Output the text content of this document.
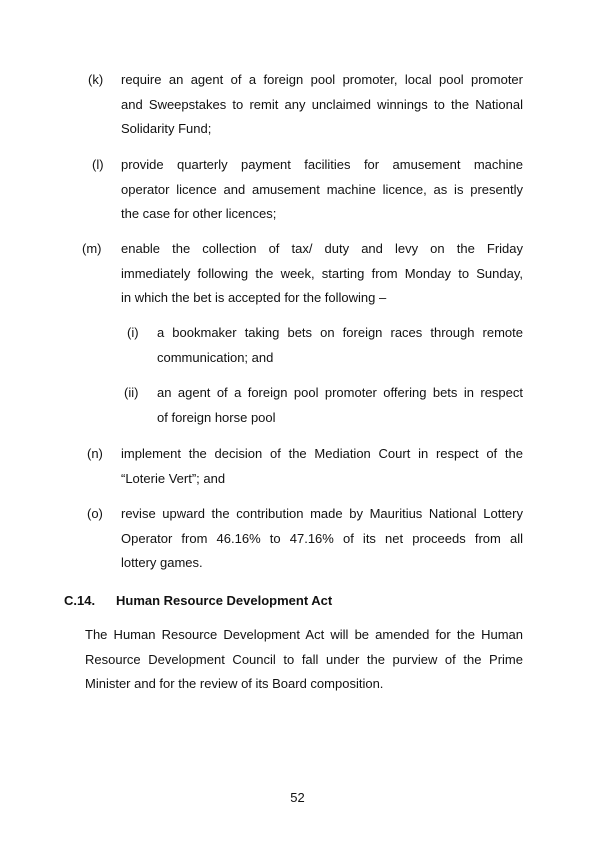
(k) require an agent of a foreign pool promoter, local pool promoter
and Sweepstakes to remit any unclaimed winnings to the National
Solidarity Fund;
(l) provide quarterly payment facilities for amusement machine
operator licence and amusement machine licence, as is presently
the case for other licences;
(m) enable the collection of tax/ duty and levy on the Friday
immediately following the week, starting from Monday to Sunday,
in which the bet is accepted for the following –
(i) a bookmaker taking bets on foreign races through remote
communication; and
(ii) an agent of a foreign pool promoter offering bets in respect
of foreign horse pool
(n) implement the decision of the Mediation Court in respect of the
“Loterie Vert”; and
(o) revise upward the contribution made by Mauritius National Lottery
Operator from 46.16% to 47.16% of its net proceeds from all
lottery games.
C.14. Human Resource Development Act
The Human Resource Development Act will be amended for the Human
Resource Development Council to fall under the purview of the Prime
Minister and for the review of its Board composition.
52
